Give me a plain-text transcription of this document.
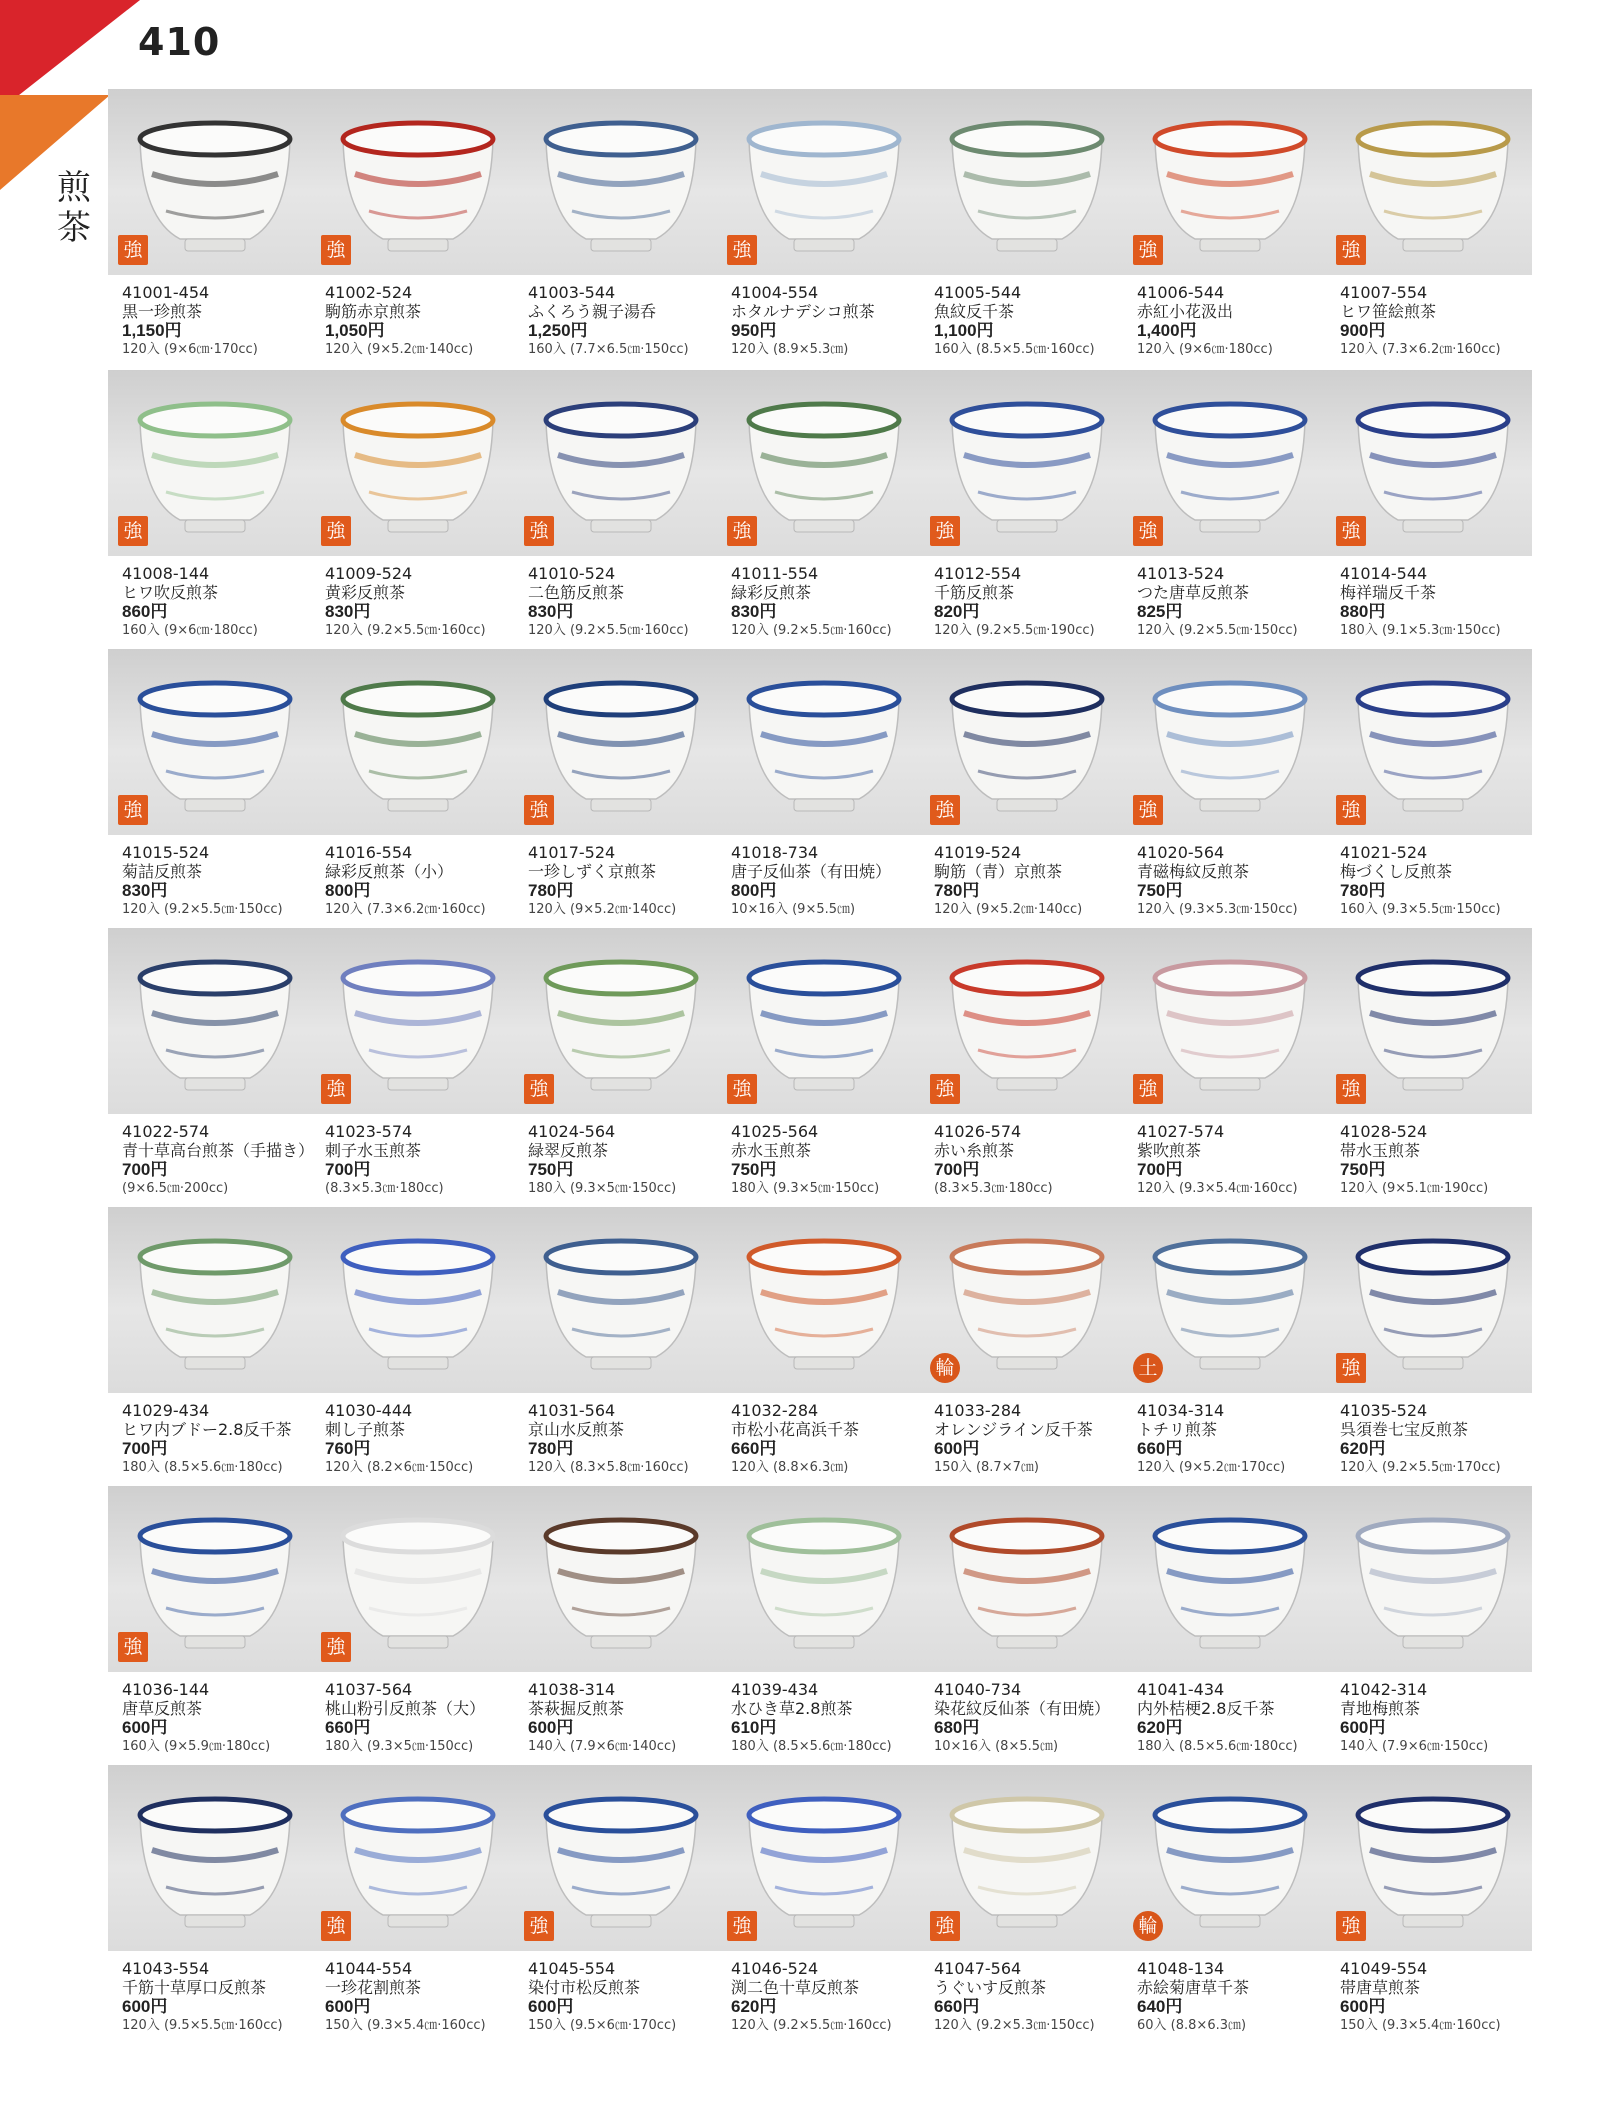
410
煎茶
強
41001-454
黒一珍煎茶
1,150円
120入 (9×6㎝·170cc)
強
41002-524
駒筋赤京煎茶
1,050円
120入 (9×5.2㎝·140cc)
41003-544
ふくろう親子湯呑
1,250円
160入 (7.7×6.5㎝·150cc)
強
41004-554
ホタルナデシコ煎茶
950円
120入 (8.9×5.3㎝)
41005-544
魚紋反千茶
1,100円
160入 (8.5×5.5㎝·160cc)
強
41006-544
赤紅小花汲出
1,400円
120入 (9×6㎝·180cc)
強
41007-554
ヒワ笹絵煎茶
900円
120入 (7.3×6.2㎝·160cc)
強
41008-144
ヒワ吹反煎茶
860円
160入 (9×6㎝·180cc)
強
41009-524
黄彩反煎茶
830円
120入 (9.2×5.5㎝·160cc)
強
41010-524
二色筋反煎茶
830円
120入 (9.2×5.5㎝·160cc)
強
41011-554
緑彩反煎茶
830円
120入 (9.2×5.5㎝·160cc)
強
41012-554
千筋反煎茶
820円
120入 (9.2×5.5㎝·190cc)
強
41013-524
つた唐草反煎茶
825円
120入 (9.2×5.5㎝·150cc)
強
41014-544
梅祥瑞反千茶
880円
180入 (9.1×5.3㎝·150cc)
強
41015-524
菊詰反煎茶
830円
120入 (9.2×5.5㎝·150cc)
41016-554
緑彩反煎茶（小）
800円
120入 (7.3×6.2㎝·160cc)
強
41017-524
一珍しずく京煎茶
780円
120入 (9×5.2㎝·140cc)
41018-734
唐子反仙茶（有田焼）
800円
10×16入 (9×5.5㎝)
強
41019-524
駒筋（青）京煎茶
780円
120入 (9×5.2㎝·140cc)
強
41020-564
青磁梅紋反煎茶
750円
120入 (9.3×5.3㎝·150cc)
強
41021-524
梅づくし反煎茶
780円
160入 (9.3×5.5㎝·150cc)
41022-574
青十草高台煎茶（手描き）
700円
(9×6.5㎝·200cc)
強
41023-574
刺子水玉煎茶
700円
(8.3×5.3㎝·180cc)
強
41024-564
緑翠反煎茶
750円
180入 (9.3×5㎝·150cc)
強
41025-564
赤水玉煎茶
750円
180入 (9.3×5㎝·150cc)
強
41026-574
赤い糸煎茶
700円
(8.3×5.3㎝·180cc)
強
41027-574
紫吹煎茶
700円
120入 (9.3×5.4㎝·160cc)
強
41028-524
帯水玉煎茶
750円
120入 (9×5.1㎝·190cc)
41029-434
ヒワ内ブドー2.8反千茶
700円
180入 (8.5×5.6㎝·180cc)
41030-444
刺し子煎茶
760円
120入 (8.2×6㎝·150cc)
41031-564
京山水反煎茶
780円
120入 (8.3×5.8㎝·160cc)
41032-284
市松小花高浜千茶
660円
120入 (8.8×6.3㎝)
輪
41033-284
オレンジライン反千茶
600円
150入 (8.7×7㎝)
土
41034-314
トチリ煎茶
660円
120入 (9×5.2㎝·170cc)
強
41035-524
呉須巻七宝反煎茶
620円
120入 (9.2×5.5㎝·170cc)
強
41036-144
唐草反煎茶
600円
160入 (9×5.9㎝·180cc)
強
41037-564
桃山粉引反煎茶（大）
660円
180入 (9.3×5㎝·150cc)
41038-314
茶萩掘反煎茶
600円
140入 (7.9×6㎝·140cc)
41039-434
水ひき草2.8煎茶
610円
180入 (8.5×5.6㎝·180cc)
41040-734
染花紋反仙茶（有田焼）
680円
10×16入 (8×5.5㎝)
41041-434
内外桔梗2.8反千茶
620円
180入 (8.5×5.6㎝·180cc)
41042-314
青地梅煎茶
600円
140入 (7.9×6㎝·150cc)
41043-554
千筋十草厚口反煎茶
600円
120入 (9.5×5.5㎝·160cc)
強
41044-554
一珍花割煎茶
600円
150入 (9.3×5.4㎝·160cc)
強
41045-554
染付市松反煎茶
600円
150入 (9.5×6㎝·170cc)
強
41046-524
渕二色十草反煎茶
620円
120入 (9.2×5.5㎝·160cc)
強
41047-564
うぐいす反煎茶
660円
120入 (9.2×5.3㎝·150cc)
輪
41048-134
赤絵菊唐草千茶
640円
60入 (8.8×6.3㎝)
強
41049-554
帯唐草煎茶
600円
150入 (9.3×5.4㎝·160cc)
